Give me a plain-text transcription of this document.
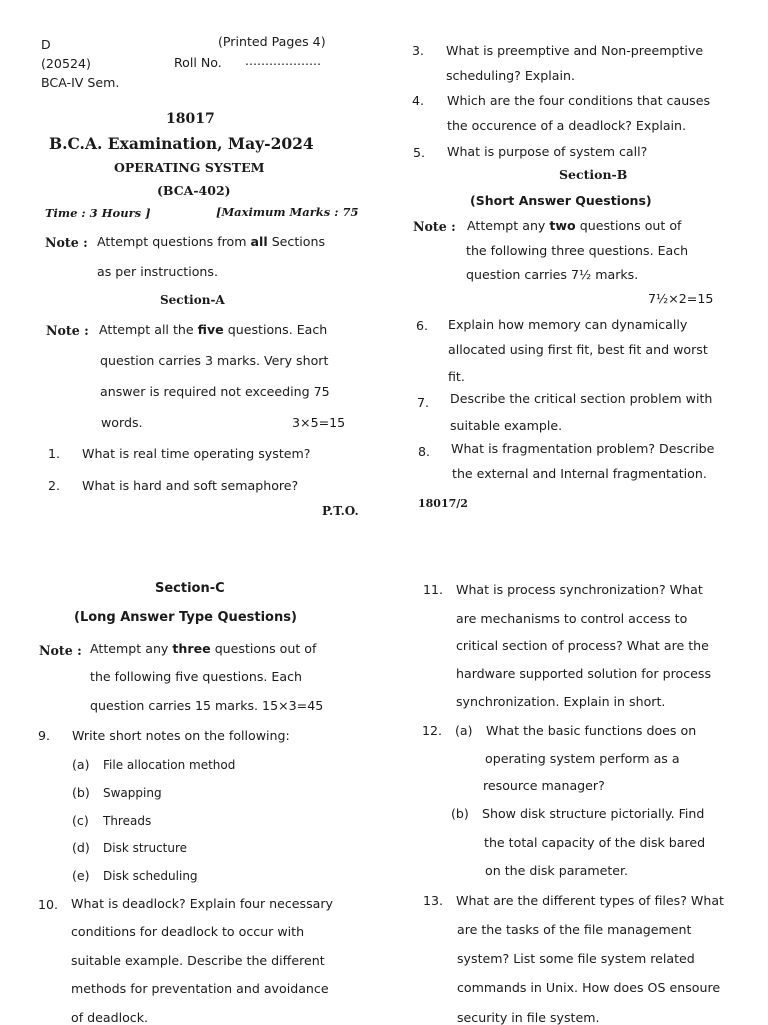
D	(Printed Pages 4)
(20524)	Roll No. ...................
BCA-IV Sem.
18017
B.C.A. Examination, May-2024
OPERATING SYSTEM
(BCA-402)
Time : 3 Hours ]	[Maximum Marks : 75
Note : Attempt questions from all Sections
as per instructions.
Section-A
Note : Attempt all the five questions. Each
question carries 3 marks. Very short
answer is required not exceeding 75
words.	3×5=15
1. What is real time operating system?
2. What is hard and soft semaphore?
P.T.O.
3. What is preemptive and Non-preemptive
scheduling? Explain.
4. Which are the four conditions that causes
the occurence of a deadlock? Explain.
5. What is purpose of system call?
Section-B
(Short Answer Questions)
Note : Attempt any two questions out of
the following three questions. Each
question carries 7½ marks.
7½×2=15
6. Explain how memory can dynamically
allocated using first fit, best fit and worst
fit.
7. Describe the critical section problem with
suitable example.
8. What is fragmentation problem? Describe
the external and Internal fragmentation.
18017/2
Section-C
(Long Answer Type Questions)
Note : Attempt any three questions out of
the following five questions. Each
question carries 15 marks. 15×3=45
9. Write short notes on the following:
(a) File allocation method
(b) Swapping
(c) Threads
(d) Disk structure
(e) Disk scheduling
10. What is deadlock? Explain four necessary
conditions for deadlock to occur with
suitable example. Describe the different
methods for preventation and avoidance
of deadlock.
11. What is process synchronization? What
are mechanisms to control access to
critical section of process? What are the
hardware supported solution for process
synchronization. Explain in short.
12. (a) What the basic functions does on
operating system perform as a
resource manager?
(b) Show disk structure pictorially. Find
the total capacity of the disk bared
on the disk parameter.
13. What are the different types of files? What
are the tasks of the file management
system? List some file system related
commands in Unix. How does OS ensoure
security in file system.
